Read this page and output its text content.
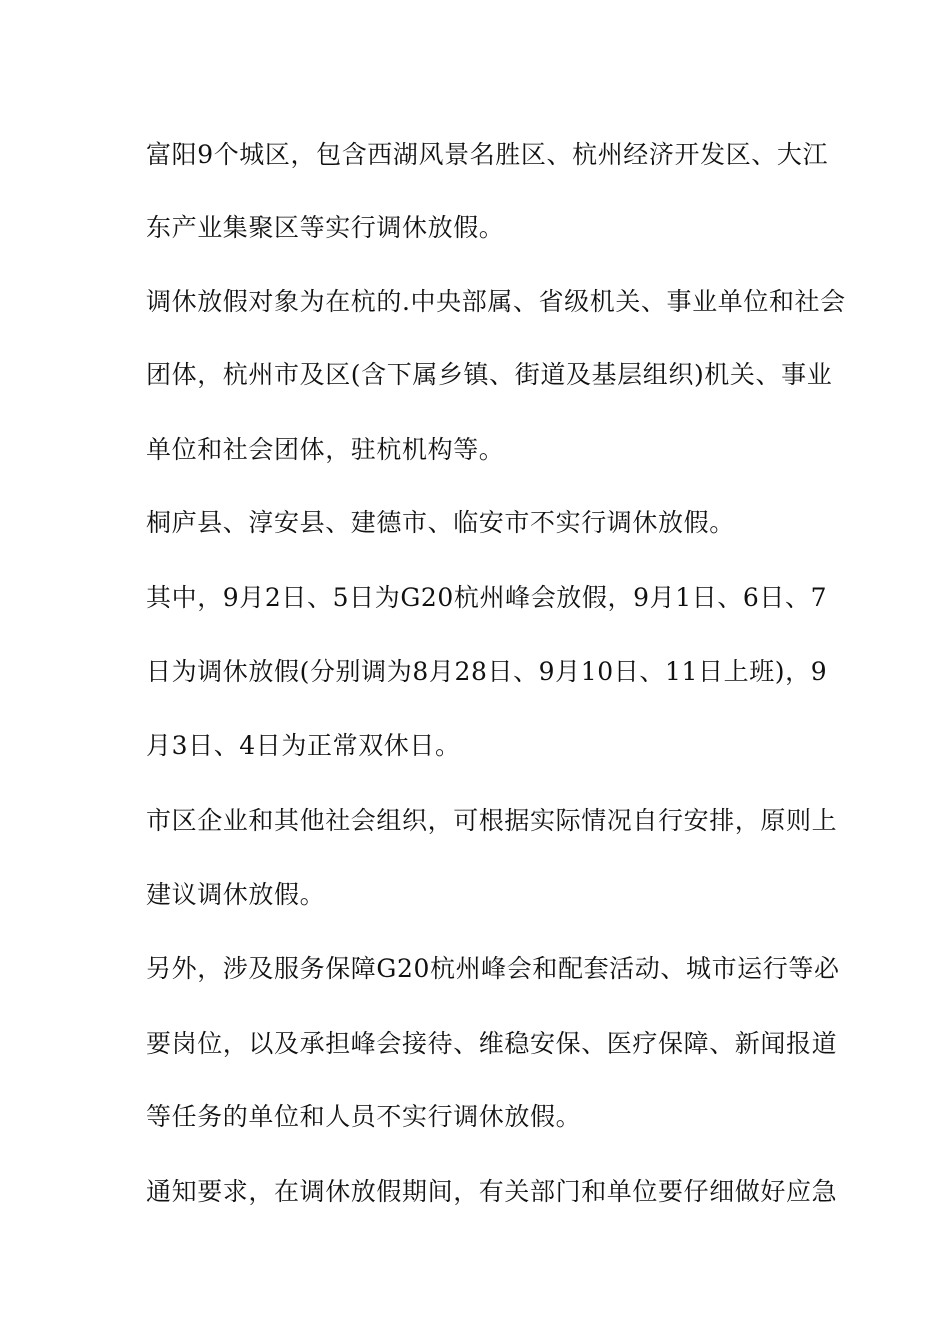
富阳9个城区，包含西湖风景名胜区、杭州经济开发区、大江
东产业集聚区等实行调休放假。
调休放假对象为在杭的.中央部属、省级机关、事业单位和社会
团体，杭州市及区(含下属乡镇、街道及基层组织)机关、事业
单位和社会团体，驻杭机构等。
桐庐县、淳安县、建德市、临安市不实行调休放假。
其中，9月2日、5日为G20杭州峰会放假，9月1日、6日、7
日为调休放假(分别调为8月28日、9月10日、11日上班)，9
月3日、4日为正常双休日。
市区企业和其他社会组织，可根据实际情况自行安排，原则上
建议调休放假。
另外，涉及服务保障G20杭州峰会和配套活动、城市运行等必
要岗位，以及承担峰会接待、维稳安保、医疗保障、新闻报道
等任务的单位和人员不实行调休放假。
通知要求，在调休放假期间，有关部门和单位要仔细做好应急
